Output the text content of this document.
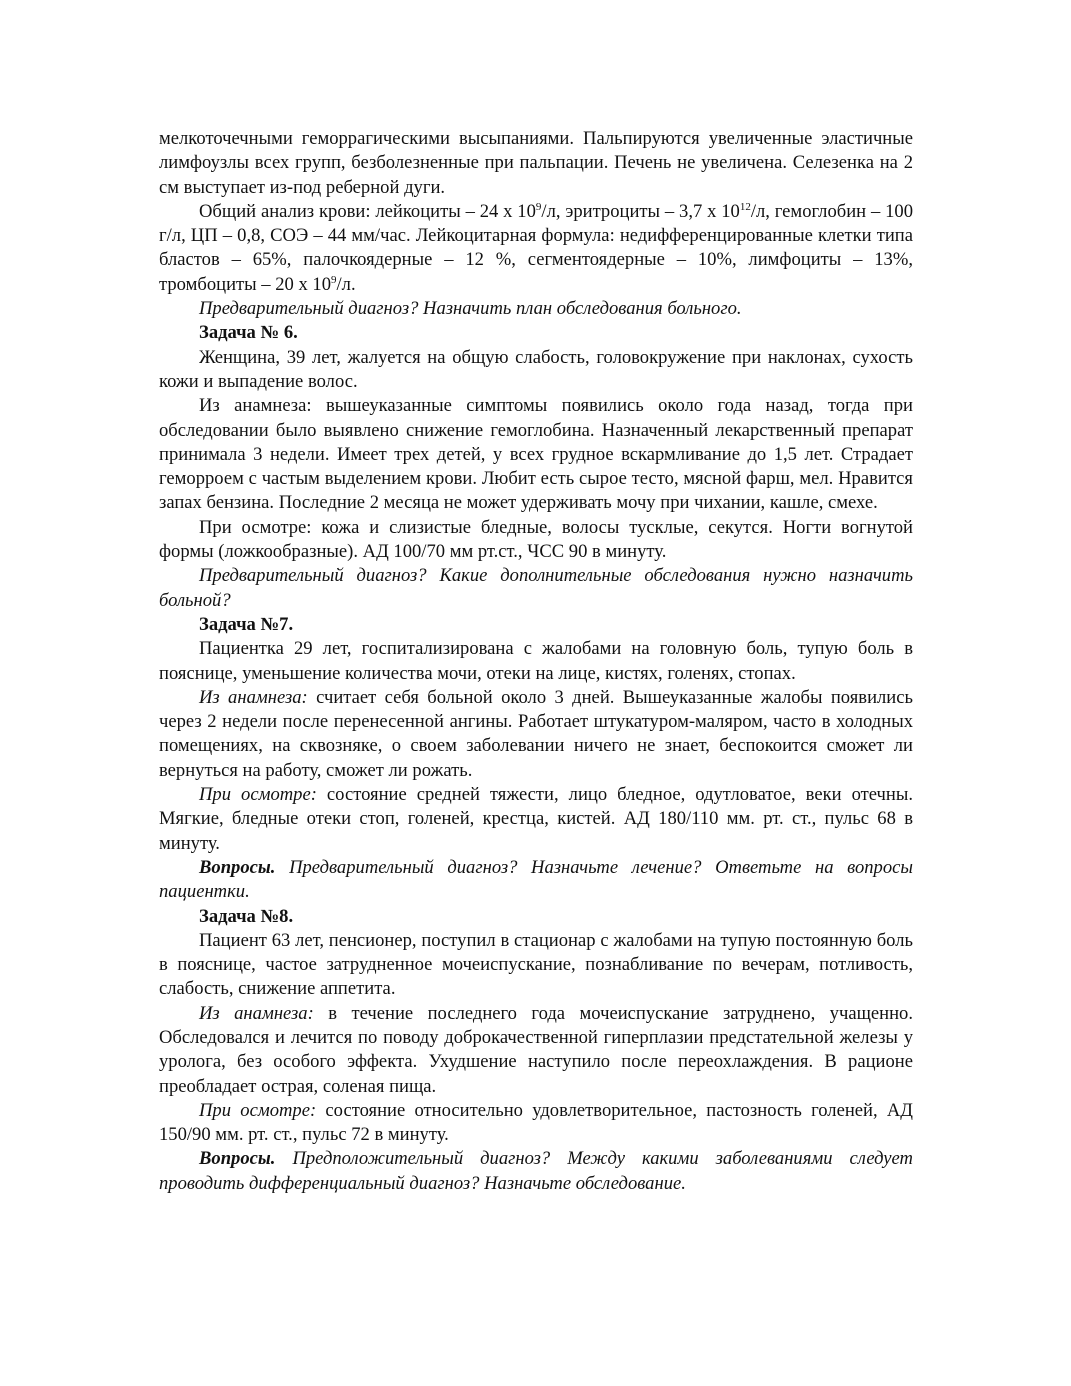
мелкоточечными геморрагическими высыпаниями. Пальпируются увеличенные эластичные лимфоузлы всех групп, безболезненные при пальпации. Печень не увеличена. Селезенка на 2 см выступает из-под реберной дуги.

Общий анализ крови: лейкоциты – 24 х $10^9/л$, эритроциты – 3,7 х $10^{12}/л$, гемоглобин – 100 г/л, ЦП – 0,8, СОЭ – 44 мм/час. Лейкоцитарная формула: недифференцированные клетки типа бластов – 65%, палочкоядерные – 12 %, сегментоядерные – 10%, лимфоциты – 13%, тромбоциты – 20 х $10^9/л$.

Предварительный диагноз? Назначить план обследования больного.

Задача № 6.

Женщина, 39 лет, жалуется на общую слабость, головокружение при наклонах, сухость кожи и выпадение волос.

Из анамнеза: вышеуказанные симптомы появились около года назад, тогда при обследовании было выявлено снижение гемоглобина. Назначенный лекарственный препарат принимала 3 недели. Имеет трех детей, у всех грудное вскармливание до 1,5 лет. Страдает геморроем с частым выделением крови. Любит есть сырое тесто, мясной фарш, мел. Нравится запах бензина. Последние 2 месяца не может удерживать мочу при чихании, кашле, смехе.

При осмотре: кожа и слизистые бледные, волосы тусклые, секутся. Ногти вогнутой формы (ложкообразные). АД 100/70 мм рт.ст., ЧСС 90 в минуту.

Предварительный диагноз? Какие дополнительные обследования нужно назначить больной?

Задача №7.

Пациентка 29 лет, госпитализирована с жалобами на головную боль, тупую боль в пояснице, уменьшение количества мочи, отеки на лице, кистях, голенях, стопах.

Из анамнеза: считает себя больной около 3 дней. Вышеуказанные жалобы появились через 2 недели после перенесенной ангины. Работает штукатуром-маляром, часто в холодных помещениях, на сквозняке, о своем заболевании ничего не знает, беспокоится сможет ли вернуться на работу, сможет ли рожать.

При осмотре: состояние средней тяжести, лицо бледное, одутловатое, веки отечны. Мягкие, бледные отеки стоп, голеней, крестца, кистей. АД 180/110 мм. рт. ст., пульс 68 в минуту.

Вопросы. Предварительный диагноз? Назначьте лечение? Ответьте на вопросы пациентки.

Задача №8.

Пациент 63 лет, пенсионер, поступил в стационар с жалобами на тупую постоянную боль в пояснице, частое затрудненное мочеиспускание, познабливание по вечерам, потливость, слабость, снижение аппетита.

Из анамнеза: в течение последнего года мочеиспускание затруднено, учащенно. Обследовался и лечится по поводу доброкачественной гиперплазии предстательной железы у уролога, без особого эффекта. Ухудшение наступило после переохлаждения. В рационе преобладает острая, соленая пища.

При осмотре: состояние относительно удовлетворительное, пастозность голеней, АД 150/90 мм. рт. ст., пульс 72 в минуту.

Вопросы. Предположительный диагноз? Между какими заболеваниями следует проводить дифференциальный диагноз? Назначьте обследование.
